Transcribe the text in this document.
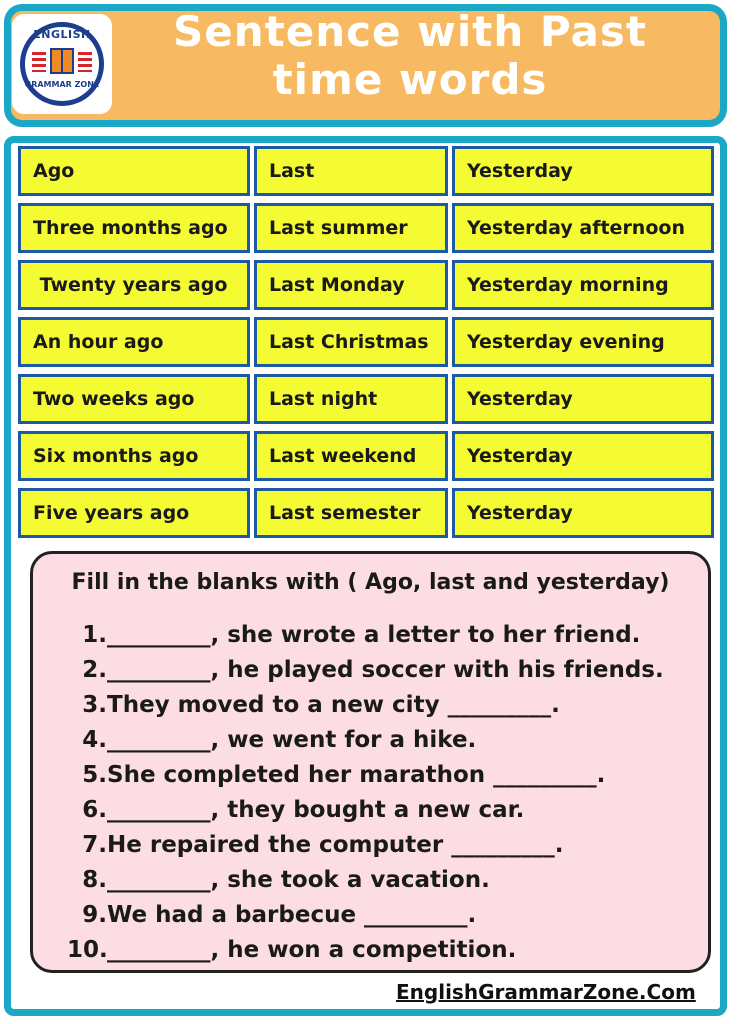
ENGLISH
GRAMMAR ZONE
Sentence with Past
time words
Ago	Last	Yesterday
Three months ago	Last summer	Yesterday afternoon
Twenty years ago	Last Monday	Yesterday morning
An hour ago	Last Christmas	Yesterday evening
Two weeks ago	Last night	Yesterday
Six months ago	Last weekend	Yesterday
Five years ago	Last semester	Yesterday
Fill in the blanks with ( Ago, last and yesterday)
1._________, she wrote a letter to her friend.
2._________, he played soccer with his friends.
3.They moved to a new city _________.
4._________, we went for a hike.
5.She completed her marathon _________.
6._________, they bought a new car.
7.He repaired the computer _________.
8._________, she took a vacation.
9.We had a barbecue _________.
10._________, he won a competition.
EnglishGrammarZone.Com
